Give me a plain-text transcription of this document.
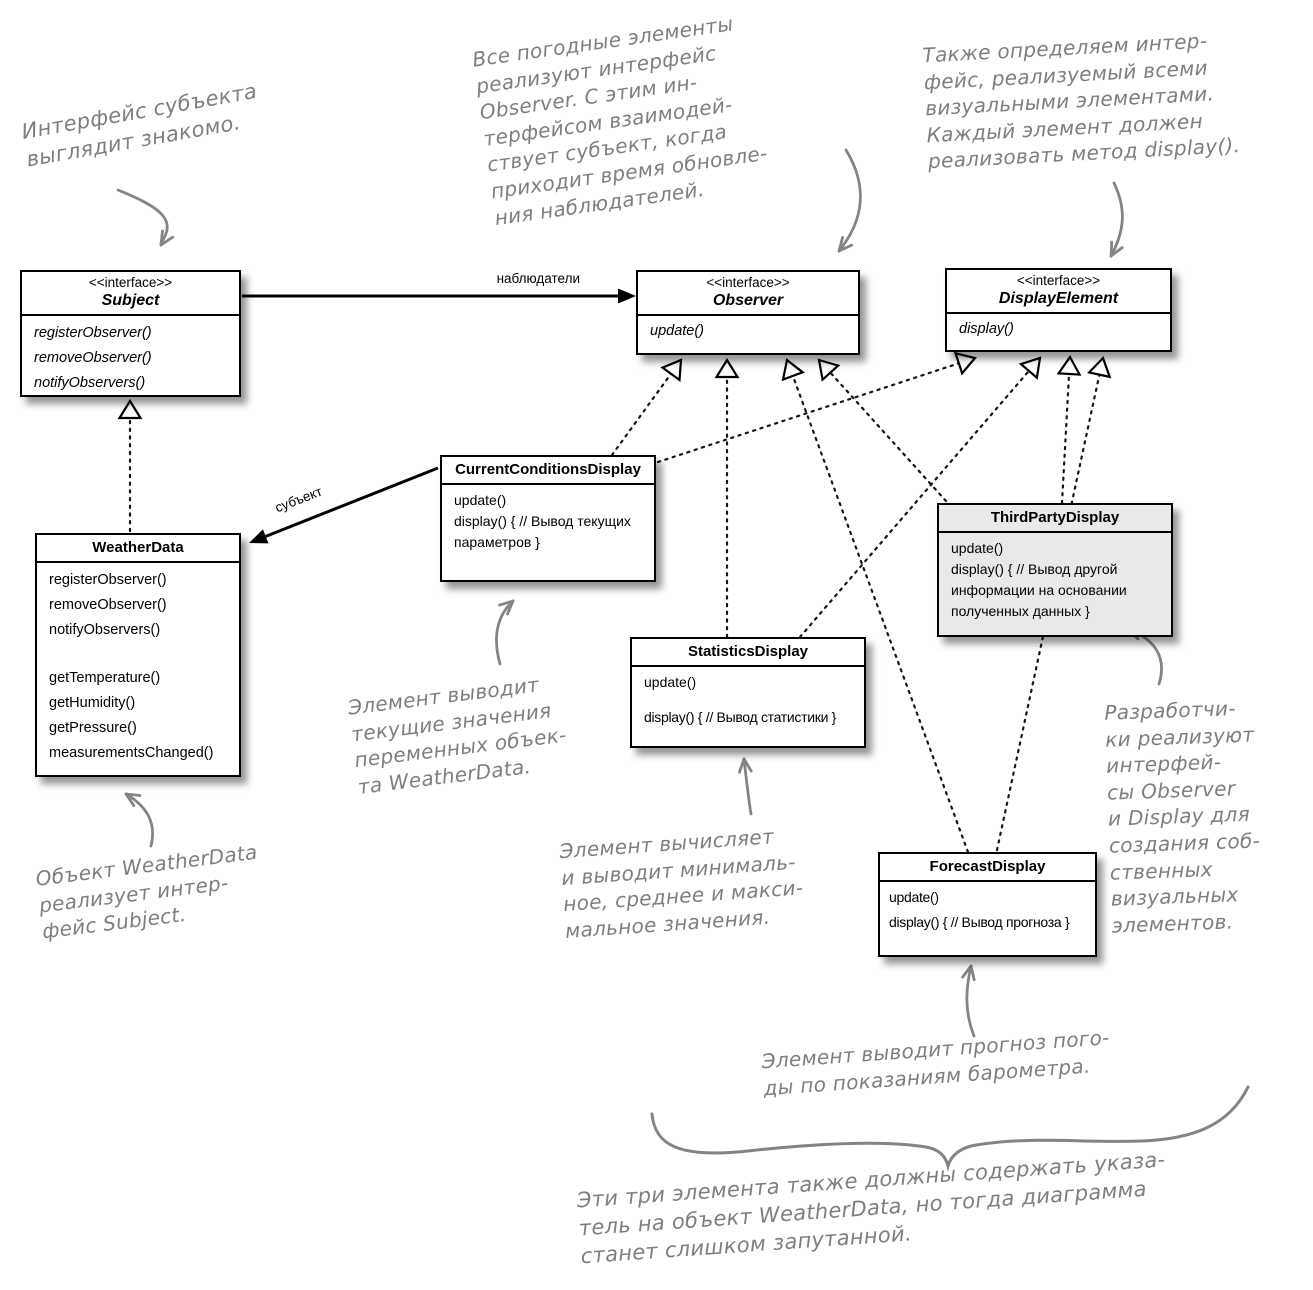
<<interface>>
Subject
registerObserver()
removeObserver()
notifyObservers()
<<interface>>
Observer
update()
<<interface>>
DisplayElement
display()
WeatherData
registerObserver()
removeObserver()
notifyObservers()
getTemperature()
getHumidity()
getPressure()
measurementsChanged()
CurrentConditionsDisplay
update()
display() { // Вывод текущих параметров }
StatisticsDisplay
update()
display() { // Вывод статистики }
ThirdPartyDisplay
update()
display() { // Вывод другой информации на основании полученных данных }
ForecastDisplay
update()
display() { // Вывод прогноза }
наблюдатели
субъект
Интерфейс субъекта
выглядит знакомо.
Все погодные элементы
реализуют интерфейс
Observer. С этим ин-
терфейсом взаимодей-
ствует субъект, когда
приходит время обновле-
ния наблюдателей.
Также определяем интер-
фейс, реализуемый всеми
визуальными элементами.
Каждый элемент должен
реализовать метод display().
Элемент выводит
текущие значения
переменных объек-
та WeatherData.
Объект WeatherData
реализует интер-
фейс Subject.
Элемент вычисляет
и выводит минималь-
ное, среднее и макси-
мальное значения.
Разработчи-
ки реализуют
интерфей-
сы Observer
и Display для
создания соб-
ственных
визуальных
элементов.
Элемент выводит прогноз пого-
ды по показаниям барометра.
Эти три элемента также должны содержать указа-
тель на объект WeatherData, но тогда диаграмма
станет слишком запутанной.
